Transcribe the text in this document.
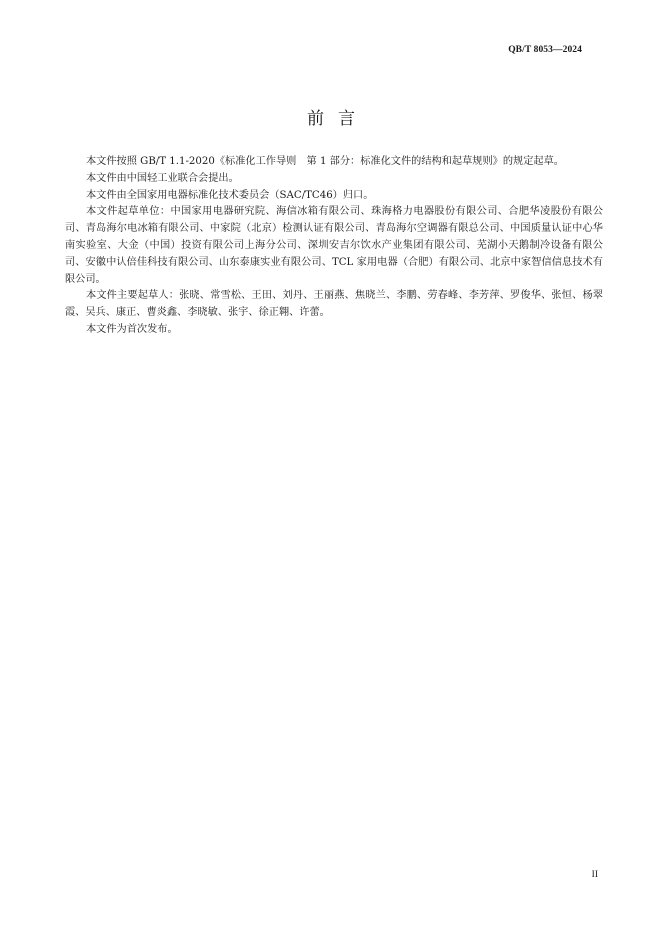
QB/T 8053—2024
前言

本文件按照 GB/T 1.1-2020《标准化工作导则　第 1 部分：标准化文件的结构和起草规则》的规定起草。

本文件由中国轻工业联合会提出。

本文件由全国家用电器标准化技术委员会（SAC/TC46）归口。

本文件起草单位：中国家用电器研究院、海信冰箱有限公司、珠海格力电器股份有限公司、合肥华凌股份有限公司、青岛海尔电冰箱有限公司、中家院（北京）检测认证有限公司、青岛海尔空调器有限总公司、中国质量认证中心华南实验室、大金（中国）投资有限公司上海分公司、深圳安吉尔饮水产业集团有限公司、芜湖小天鹅制冷设备有限公司、安徽中认倍佳科技有限公司、山东泰康实业有限公司、TCL 家用电器（合肥）有限公司、北京中家智信信息技术有限公司。

本文件主要起草人：张晓、常雪松、王田、刘丹、王丽燕、焦晓兰、李鹏、劳春峰、李芳萍、罗俊华、张恒、杨翠霞、吴兵、康正、曹炎鑫、李晓敏、张宇、徐正翱、许蕾。

本文件为首次发布。

II
